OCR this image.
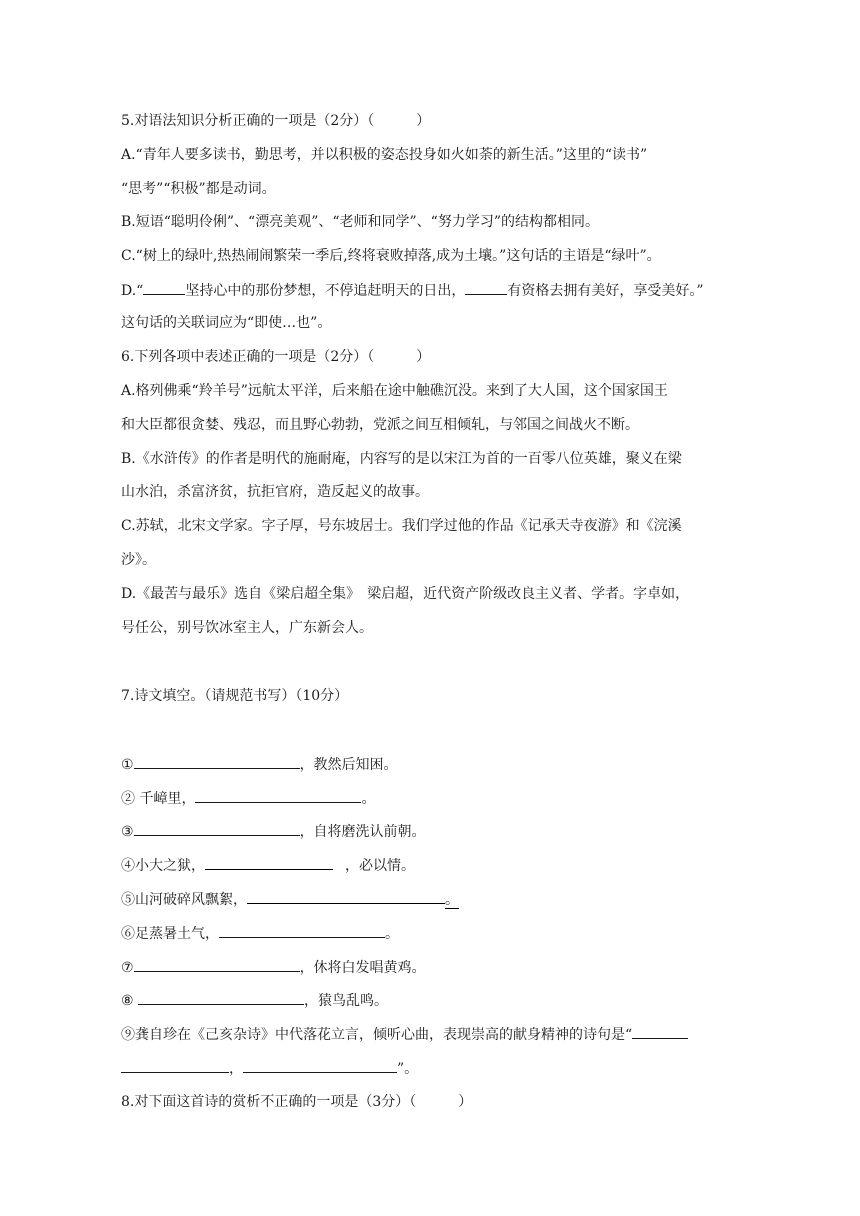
5.对语法知识分析正确的一项是（2分）（　　　）
A.“青年人要多读书，勤思考，并以积极的姿态投身如火如荼的新生活。”这里的“读书”
“思考”“积极”都是动词。
B.短语“聪明伶俐”、“漂亮美观”、“老师和同学”、“努力学习”的结构都相同。
C.“树上的绿叶,热热闹闹繁荣一季后,终将衰败掉落,成为土壤。”这句话的主语是“绿叶”。
D.“	坚持心中的那份梦想，不停追赶明天的日出，	有资格去拥有美好，享受美好。”
这句话的关联词应为“即使…也”。
6.下列各项中表述正确的一项是（2分）（　　　）
A.格列佛乘“羚羊号”远航太平洋，后来船在途中触礁沉没。来到了大人国，这个国家国王
和大臣都很贪婪、残忍，而且野心勃勃，党派之间互相倾轧，与邻国之间战火不断。
B.《水浒传》的作者是明代的施耐庵，内容写的是以宋江为首的一百零八位英雄，聚义在梁
山水泊，杀富济贫，抗拒官府，造反起义的故事。
C.苏轼，北宋文学家。字子厚，号东坡居士。我们学过他的作品《记承天寺夜游》和《浣溪
沙》。
D.《最苦与最乐》选自《梁启超全集》　梁启超，近代资产阶级改良主义者、学者。字卓如，
号任公，别号饮冰室主人，广东新会人。
7.诗文填空。（请规范书写）（10分）
①	，教然后知困。
② 千嶂里，	。
③	，自将磨洗认前朝。
④小大之狱，	，必以情。
⑤山河破碎风飘絮，	。
⑥足蒸暑土气，	。
⑦	，休将白发唱黄鸡。
⑧	，猿鸟乱鸣。
⑨龚自珍在《己亥杂诗》中代落花立言，倾听心曲，表现崇高的献身精神的诗句是“
，	”。
8.对下面这首诗的赏析不正确的一项是（3分）（　　　）
